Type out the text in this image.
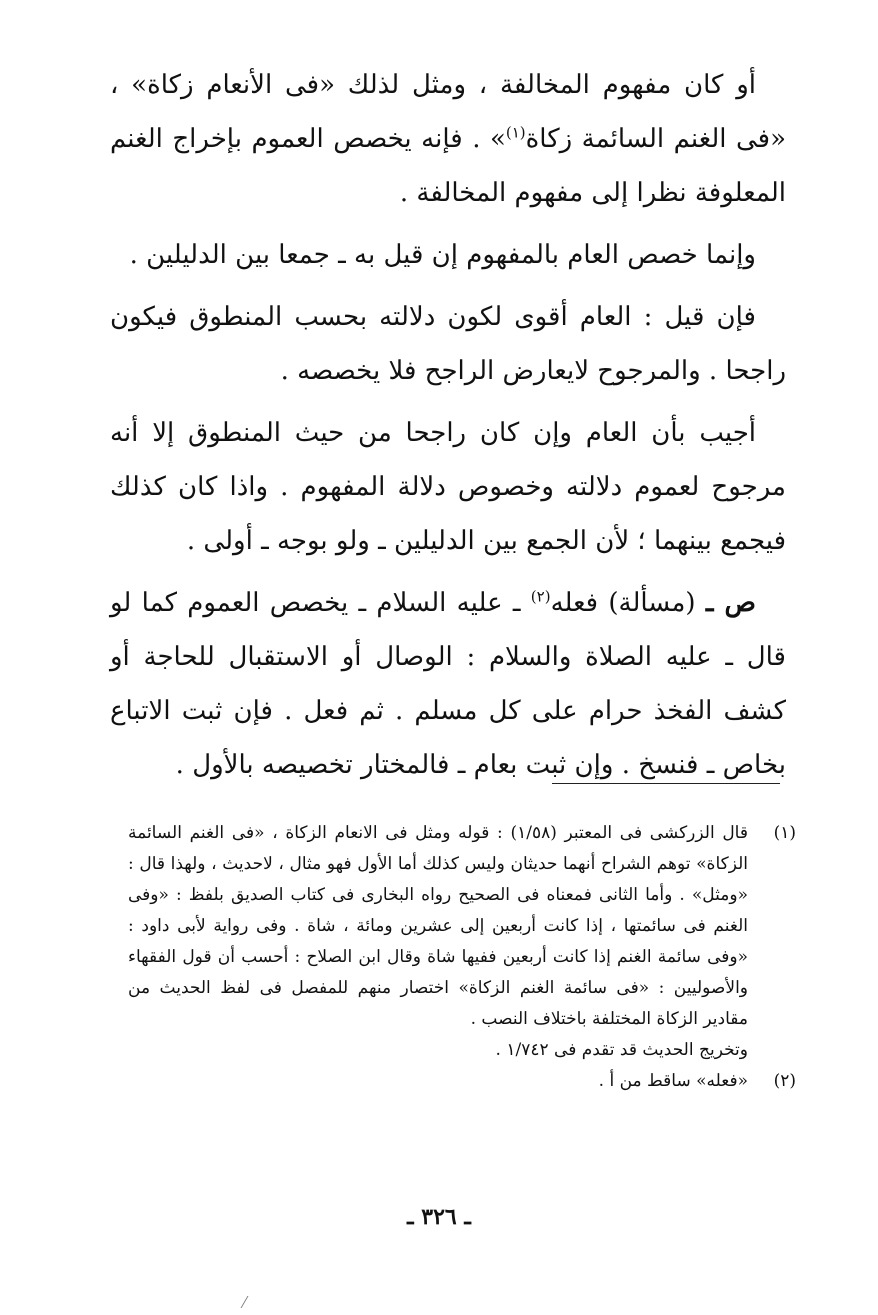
أو كان مفهوم المخالفة ، ومثل لذلك «فى الأنعام زكاة» ، «فى الغنم السائمة زكاة$^{(١)}$» . فإنه يخصص العموم بإخراج الغنم المعلوفة نظرا إلى مفهوم المخالفة .

وإنما خصص العام بالمفهوم إن قيل به ـ جمعا بين الدليلين .

فإن قيل : العام أقوى لكون دلالته بحسب المنطوق فيكون راجحا . والمرجوح لايعارض الراجح فلا يخصصه .

أجيب بأن العام وإن كان راجحا من حيث المنطوق إلا أنه مرجوح لعموم دلالته وخصوص دلالة المفهوم . واذا كان كذلك فيجمع بينهما ؛ لأن الجمع بين الدليلين ـ ولو بوجه ـ أولى .

ص ـ (مسألة) فعله$^{(٢)}$ ـ عليه السلام ـ يخصص العموم كما لو قال ـ عليه الصلاة والسلام : الوصال أو الاستقبال للحاجة أو كشف الفخذ حرام على كل مسلم . ثم فعل . فإن ثبت الاتباع بخاص ـ فنسخ . وإن ثبت بعام ـ فالمختار تخصيصه بالأول .

(١)
قال الزركشى فى المعتبر (١/٥٨) : قوله ومثل فى الانعام الزكاة ، «فى الغنم السائمة الزكاة» توهم الشراح أنهما حديثان وليس كذلك أما الأول فهو مثال ، لاحديث ، ولهذا قال : «ومثل» . وأما الثانى فمعناه فى الصحيح رواه البخارى فى كتاب الصديق بلفظ : «وفى الغنم فى سائمتها ، إذا كانت أربعين إلى عشرين ومائة ، شاة . وفى رواية لأبى داود : «وفى سائمة الغنم إذا كانت أربعين ففيها شاة وقال ابن الصلاح : أحسب أن قول الفقهاء والأصوليين : «فى سائمة الغنم الزكاة» اختصار منهم للمفصل فى لفظ الحديث من مقادير الزكاة المختلفة باختلاف النصب .
وتخريج الحديث قد تقدم فى ١/٧٤٢ .
(٢)
«فعله» ساقط من أ .
ـ ٣٢٦ ـ
